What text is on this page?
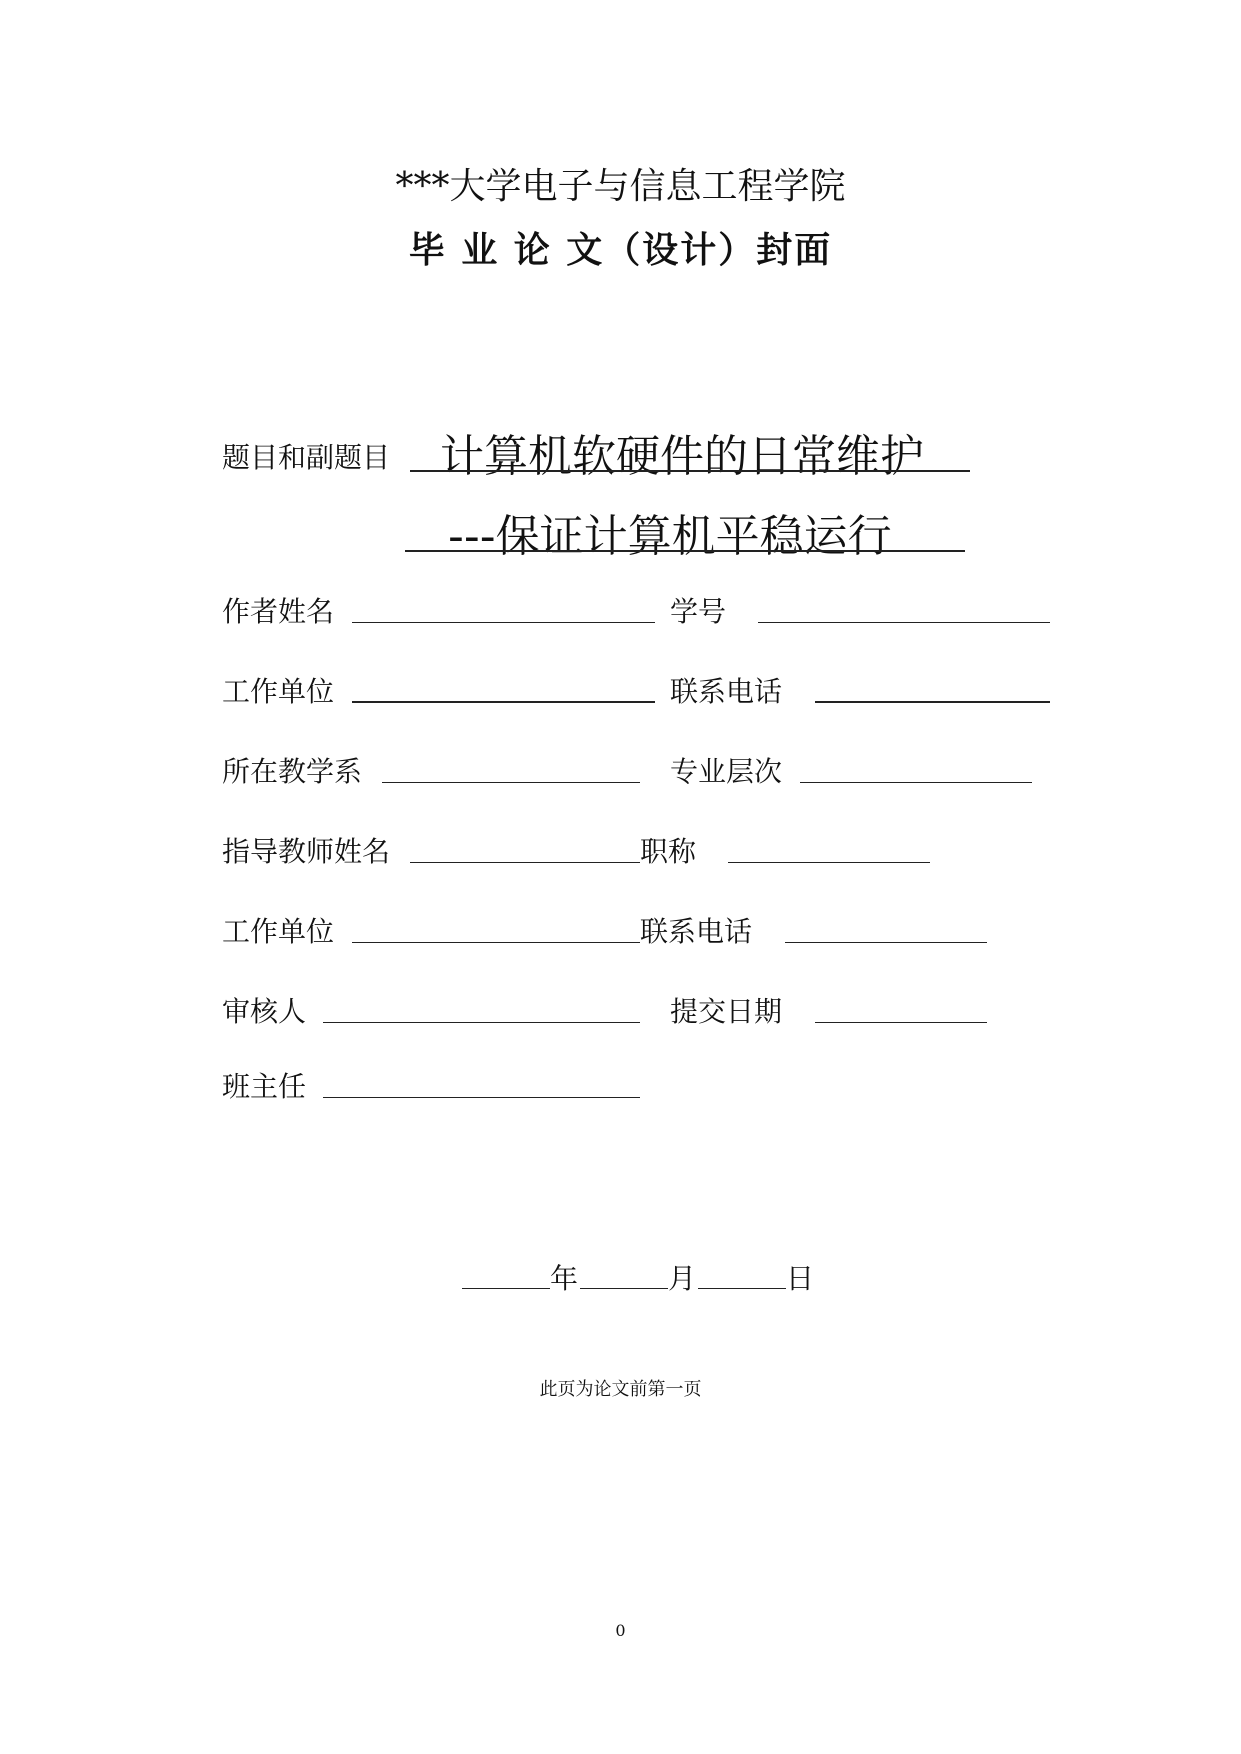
***大学电子与信息工程学院
毕 业 论 文（设计）封面
题目和副题目 计算机软硬件的日常维护
---保证计算机平稳运行
作者姓名	学号
工作单位	联系电话
所在教学系	专业层次
指导教师姓名	职称
工作单位	联系电话
审核人	提交日期
班主任
年	月	日
此页为论文前第一页
0
